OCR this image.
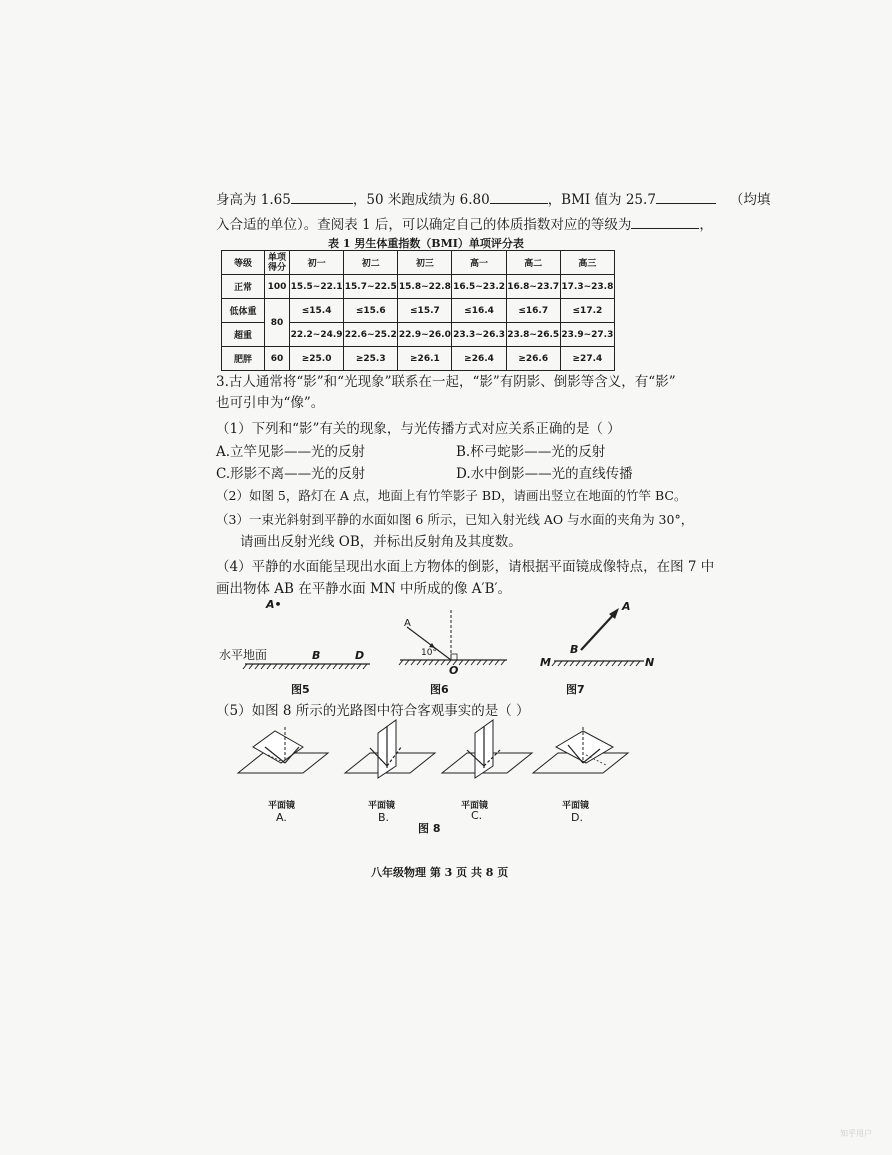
身高为 1.65	，50 米跑成绩为 6.80	，BMI 值为 25.7	（均填
入合适的单位）。查阅表 1 后，可以确定自己的体质指数对应的等级为	，
表 1 男生体重指数（BMI）单项评分表
等级	单项得分	初一	初二	初三	高一	高二	高三
正常	100	15.5~22.1	15.7~22.5	15.8~22.8	16.5~23.2	16.8~23.7	17.3~23.8
低体重	80	≤15.4	≤15.6	≤15.7	≤16.4	≤16.7	≤17.2
超重		22.2~24.9	22.6~25.2	22.9~26.0	23.3~26.3	23.8~26.5	23.9~27.3
肥胖	60	≥25.0	≥25.3	≥26.1	≥26.4	≥26.6	≥27.4
3.古人通常将“影”和“光现象”联系在一起，“影”有阴影、倒影等含义，有“影”
也可引申为“像”。
（1）下列和“影”有关的现象，与光传播方式对应关系正确的是（ ）
A.立竿见影——光的反射	B.杯弓蛇影——光的反射
C.形影不离——光的反射	D.水中倒影——光的直线传播
（2）如图 5，路灯在 A 点，地面上有竹竿影子 BD，请画出竖立在地面的竹竿 BC。
（3）一束光斜射到平静的水面如图 6 所示，已知入射光线 AO 与水面的夹角为 30°，
请画出反射光线 OB，并标出反射角及其度数。
（4）平静的水面能呈现出水面上方物体的倒影，请根据平面镜成像特点，在图 7 中
画出物体 AB 在平静水面 MN 中所成的像 A′B′。
A•
水平地面	B	D
图5
A
10°
O
图6
A
B
M	N
图7
（5）如图 8 所示的光路图中符合客观事实的是（ ）
平面镜	平面镜	平面镜	平面镜
A.	B.	C.	D.
图 8
八年级物理 第 3 页 共 8 页
知乎用户
